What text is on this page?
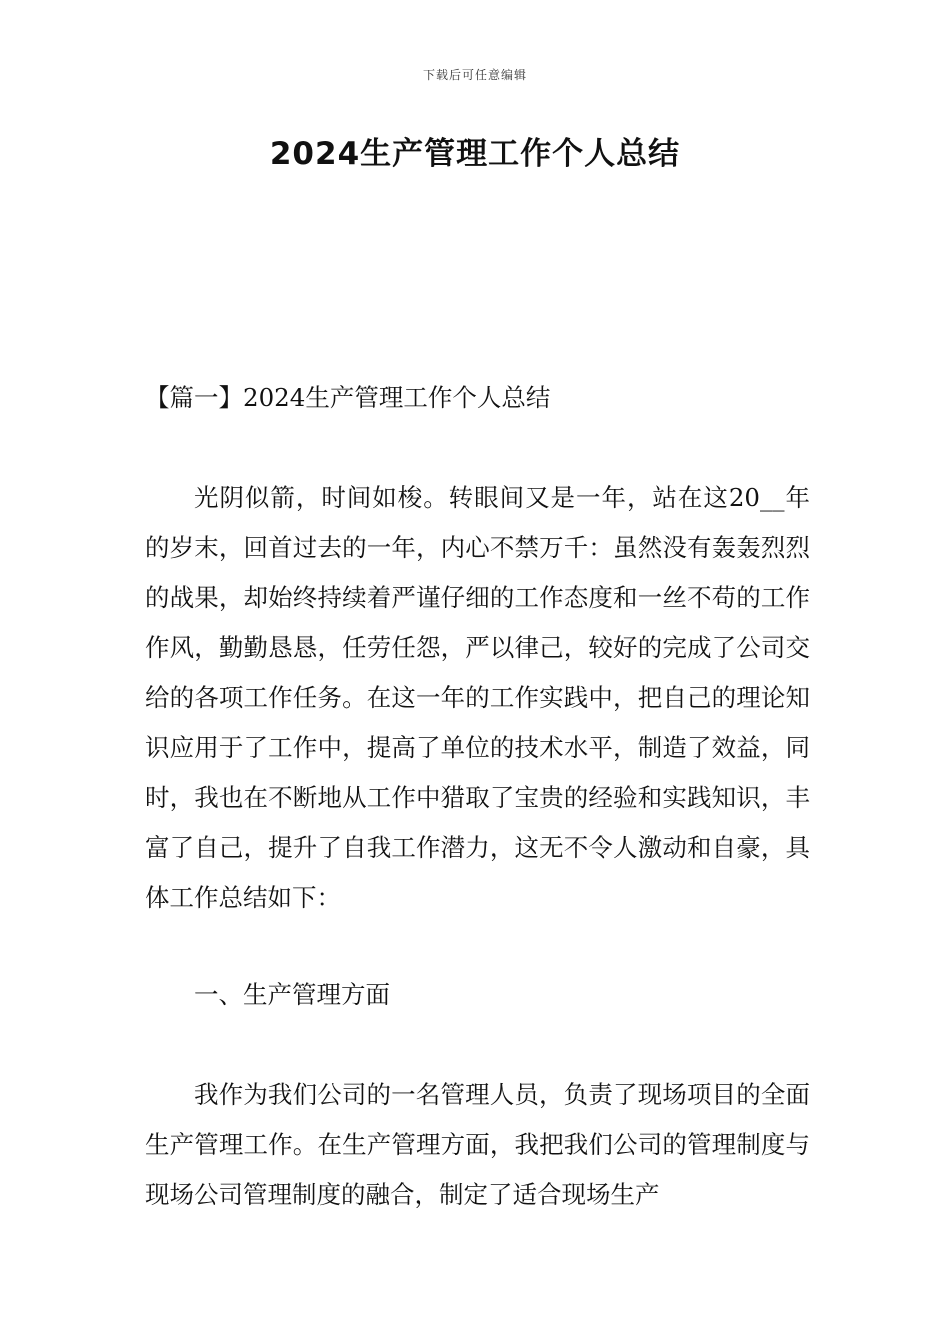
下载后可任意编辑
2024生产管理工作个人总结

【篇一】2024生产管理工作个人总结

光阴似箭，时间如梭。转眼间又是一年，站在这20__年的岁末，回首过去的一年，内心不禁万千：虽然没有轰轰烈烈的战果，却始终持续着严谨仔细的工作态度和一丝不苟的工作作风，勤勤恳恳，任劳任怨，严以律己，较好的完成了公司交给的各项工作任务。在这一年的工作实践中，把自己的理论知识应用于了工作中，提高了单位的技术水平，制造了效益，同时，我也在不断地从工作中猎取了宝贵的经验和实践知识，丰富了自己，提升了自我工作潜力，这无不令人激动和自豪，具体工作总结如下：

一、生产管理方面

我作为我们公司的一名管理人员，负责了现场项目的全面生产管理工作。在生产管理方面，我把我们公司的管理制度与现场公司管理制度的融合，制定了适合现场生产
